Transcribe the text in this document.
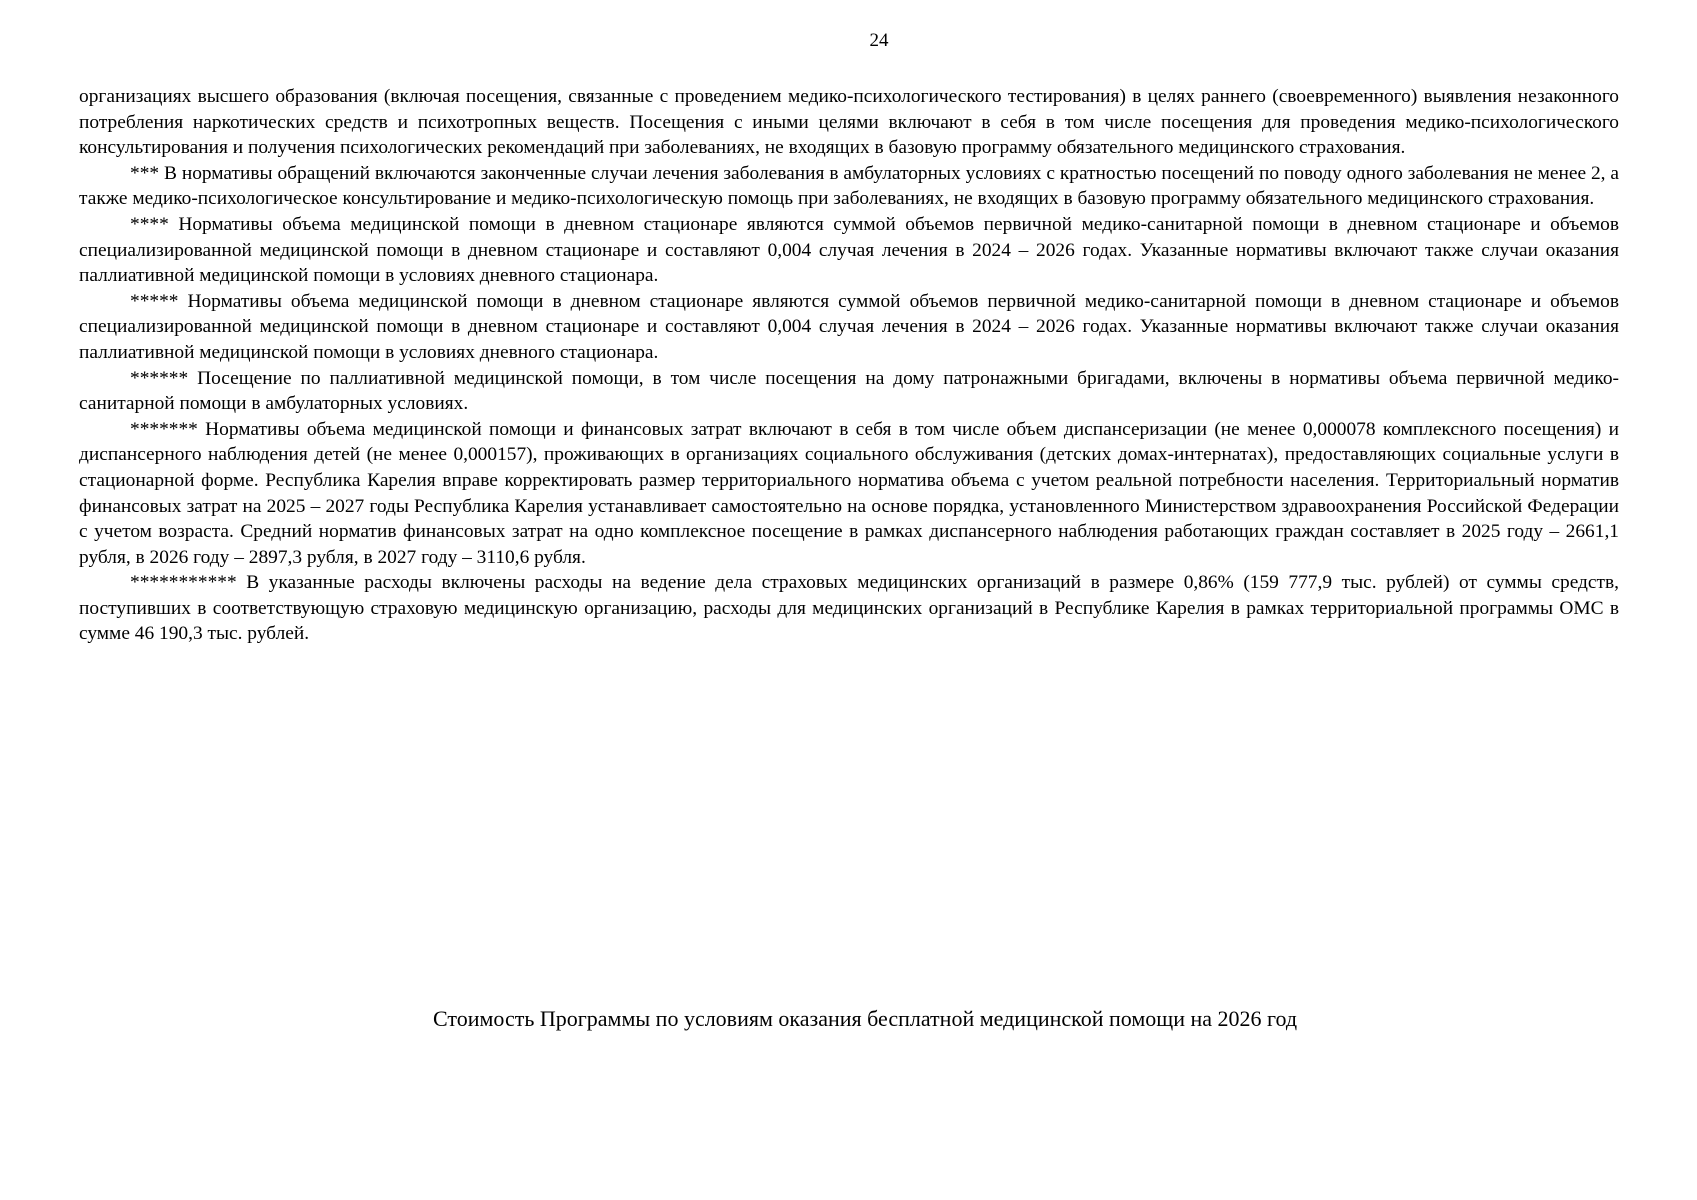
24

организациях высшего образования (включая посещения, связанные с проведением медико-психологического тестирования) в целях раннего (своевременного) выявления незаконного потребления наркотических средств и психотропных веществ. Посещения с иными целями включают в себя в том числе посещения для проведения медико-психологического консультирования и получения психологических рекомендаций при заболеваниях, не входящих в базовую программу обязательного медицинского страхования.

*** В нормативы обращений включаются законченные случаи лечения заболевания в амбулаторных условиях с кратностью посещений по поводу одного заболевания не менее 2, а также медико-психологическое консультирование и медико-психологическую помощь при заболеваниях, не входящих в базовую программу обязательного медицинского страхования.

**** Нормативы объема медицинской помощи в дневном стационаре являются суммой объемов первичной медико-санитарной помощи в дневном стационаре и объемов специализированной медицинской помощи в дневном стационаре и составляют 0,004 случая лечения в 2024 – 2026 годах. Указанные нормативы включают также случаи оказания паллиативной медицинской помощи в условиях дневного стационара.

***** Нормативы объема медицинской помощи в дневном стационаре являются суммой объемов первичной медико-санитарной помощи в дневном стационаре и объемов специализированной медицинской помощи в дневном стационаре и составляют 0,004 случая лечения в 2024 – 2026 годах. Указанные нормативы включают также случаи оказания паллиативной медицинской помощи в условиях дневного стационара.

****** Посещение по паллиативной медицинской помощи, в том числе посещения на дому патронажными бригадами, включены в нормативы объема первичной медико-санитарной помощи в амбулаторных условиях.

******* Нормативы объема медицинской помощи и финансовых затрат включают в себя в том числе объем диспансеризации (не менее 0,000078 комплексного посещения) и диспансерного наблюдения детей (не менее 0,000157), проживающих в организациях социального обслуживания (детских домах-интернатах), предоставляющих социальные услуги в стационарной форме. Республика Карелия вправе корректировать размер территориального норматива объема с учетом реальной потребности населения. Территориальный норматив финансовых затрат на 2025 – 2027 годы Республика Карелия устанавливает самостоятельно на основе порядка, установленного Министерством здравоохранения Российской Федерации с учетом возраста. Средний норматив финансовых затрат на одно комплексное посещение в рамках диспансерного наблюдения работающих граждан составляет в 2025 году – 2661,1 рубля, в 2026 году – 2897,3 рубля, в 2027 году – 3110,6 рубля.

*********** В указанные расходы включены расходы на ведение дела страховых медицинских организаций в размере 0,86% (159 777,9 тыс. рублей) от суммы средств, поступивших в соответствующую страховую медицинскую организацию, расходы для медицинских организаций в Республике Карелия в рамках территориальной программы ОМС в сумме 46 190,3 тыс. рублей.

Стоимость Программы по условиям оказания бесплатной медицинской помощи на 2026 год
